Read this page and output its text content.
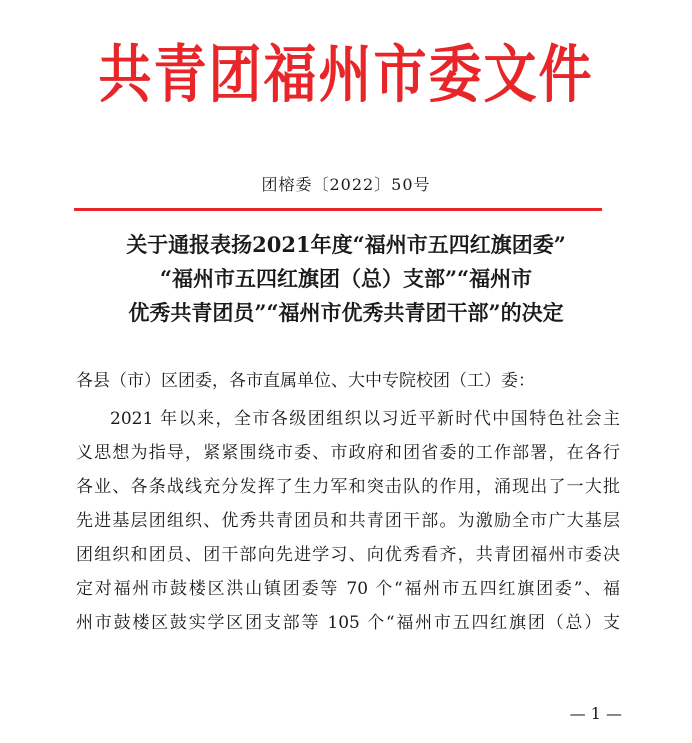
共青团福州市委文件
团榕委〔2022〕50号
关于通报表扬2021年度“福州市五四红旗团委”
“福州市五四红旗团（总）支部”“福州市
优秀共青团员”“福州市优秀共青团干部”的决定
各县（市）区团委，各市直属单位、大中专院校团（工）委：
2021 年以来，全市各级团组织以习近平新时代中国特色社会主
义思想为指导，紧紧围绕市委、市政府和团省委的工作部署，在各行
各业、各条战线充分发挥了生力军和突击队的作用，涌现出了一大批
先进基层团组织、优秀共青团员和共青团干部。为激励全市广大基层
团组织和团员、团干部向先进学习、向优秀看齐，共青团福州市委决
定对福州市鼓楼区洪山镇团委等 70 个“福州市五四红旗团委”、福
州市鼓楼区鼓实学区团支部等 105 个“福州市五四红旗团（总）支
— 1 —
